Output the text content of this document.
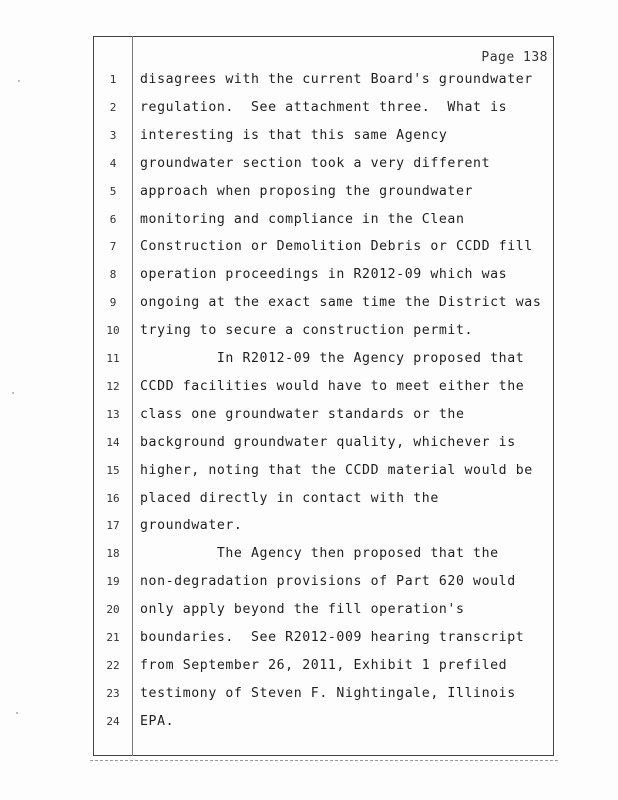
Page 138
1	disagrees with the current Board's groundwater
2	regulation.  See attachment three.  What is
3	interesting is that this same Agency
4	groundwater section took a very different
5	approach when proposing the groundwater
6	monitoring and compliance in the Clean
7	Construction or Demolition Debris or CCDD fill
8	operation proceedings in R2012-09 which was
9	ongoing at the exact same time the District was
10	trying to secure a construction permit.
11	In R2012-09 the Agency proposed that
12	CCDD facilities would have to meet either the
13	class one groundwater standards or the
14	background groundwater quality, whichever is
15	higher, noting that the CCDD material would be
16	placed directly in contact with the
17	groundwater.
18	The Agency then proposed that the
19	non-degradation provisions of Part 620 would
20	only apply beyond the fill operation's
21	boundaries.  See R2012-009 hearing transcript
22	from September 26, 2011, Exhibit 1 prefiled
23	testimony of Steven F. Nightingale, Illinois
24	EPA.
